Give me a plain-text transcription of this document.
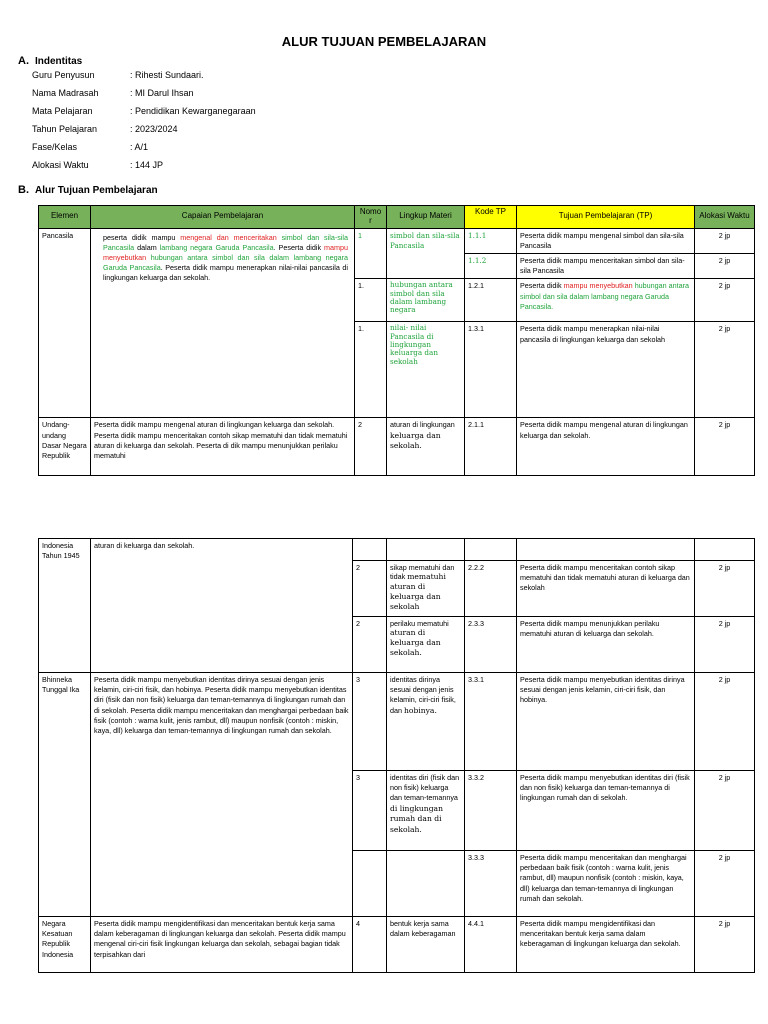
ALUR TUJUAN PEMBELAJARAN
A. Indentitas
Guru Penyusun	: Rihesti Sundaari.
Nama Madrasah	: MI Darul Ihsan
Mata Pelajaran	: Pendidikan Kewarganegaraan
Tahun Pelajaran	: 2023/2024
Fase/Kelas	: A/1
Alokasi Waktu	: 144 JP
B. Alur Tujuan Pembelajaran
Elemen	Capaian Pembelajaran	Nomo r	Lingkup Materi	Kode TP	Tujuan Pembelajaran (TP)	Alokasi Waktu
Pancasila	peserta didik mampu mengenal dan menceritakan simbol dan sila-sila Pancasila dalam lambang negara Garuda Pancasila. Peserta didik mampu menyebutkan hubungan antara simbol dan sila dalam lambang negara Garuda Pancasila. Peserta didik mampu menerapkan nilai-nilai pancasila di lingkungan keluarga dan sekolah.	1	simbol dan sila-sila Pancasila	1.1.1	Peserta didik mampu mengenal simbol dan sila-sila Pancasila	2 jp
				1.1.2	Peserta didik mampu menceritakan simbol dan sila-sila Pancasila	2 jp
		1.	hubungan antara simbol dan sila dalam lambang negara	1.2.1	Peserta didik mampu menyebutkan hubungan antara simbol dan sila dalam lambang negara Garuda Pancasila.	2 jp
		1.	nilai- nilai Pancasila di lingkungan keluarga dan sekolah	1.3.1	Peserta didik mampu menerapkan nilai-nilai pancasila di lingkungan keluarga dan sekolah	2 jp
Undang-undang Dasar Negara Republik	Peserta didik mampu mengenal aturan di lingkungan keluarga dan sekolah. Peserta didik mampu menceritakan contoh sikap mematuhi dan tidak mematuhi aturan di keluarga dan sekolah. Peserta di dik mampu menunjukkan perilaku mematuhi	2	aturan di lingkungan keluarga dan sekolah.	2.1.1	Peserta didik mampu mengenal aturan di lingkungan keluarga dan sekolah.	2 jp
Indonesia Tahun 1945	aturan di keluarga dan sekolah.					
		2	sikap mematuhi dan tidak mematuhi aturan di keluarga dan sekolah	2.2.2	Peserta didik mampu menceritakan contoh sikap mematuhi dan tidak mematuhi aturan di keluarga dan sekolah	2 jp
		2	perilaku mematuhi aturan di keluarga dan sekolah.	2.3.3	Peserta didik mampu menunjukkan perilaku mematuhi aturan di keluarga dan sekolah.	2 jp
Bhinneka Tunggal Ika	Peserta didik mampu menyebutkan identitas dirinya sesuai dengan jenis kelamin, ciri-ciri fisik, dan hobinya. Peserta didik mampu menyebutkan identitas diri (fisik dan non fisik) keluarga dan teman-temannya di lingkungan rumah dan di sekolah. Peserta didik mampu menceritakan dan menghargai perbedaan baik fisik (contoh : warna kulit, jenis rambut, dll) maupun nonfisik (contoh : miskin, kaya, dll) keluarga dan teman-temannya di lingkungan rumah dan sekolah.	3	identitas dirinya sesuai dengan jenis kelamin, ciri-ciri fisik, dan hobinya.	3.3.1	Peserta didik mampu menyebutkan identitas dirinya sesuai dengan jenis kelamin, ciri-ciri fisik, dan hobinya.	2 jp
		3	identitas diri (fisik dan non fisik) keluarga dan teman-temannya di lingkungan rumah dan di sekolah.	3.3.2	Peserta didik mampu menyebutkan identitas diri (fisik dan non fisik) keluarga dan teman-temannya di lingkungan rumah dan di sekolah.	2 jp
				3.3.3	Peserta didik mampu menceritakan dan menghargai perbedaan baik fisik (contoh : warna kulit, jenis rambut, dll) maupun nonfisik (contoh : miskin, kaya, dll) keluarga dan teman-temannya di lingkungan rumah dan sekolah.	2 jp
Negara Kesatuan Republik Indonesia	Peserta didik mampu mengidentifikasi dan menceritakan bentuk kerja sama dalam keberagaman di lingkungan keluarga dan sekolah. Peserta didik mampu mengenal ciri-ciri fisik lingkungan keluarga dan sekolah, sebagai bagian tidak terpisahkan dari	4	bentuk kerja sama dalam keberagaman	4.4.1	Peserta didik mampu mengidentifikasi dan menceritakan bentuk kerja sama dalam keberagaman di lingkungan keluarga dan sekolah.	2 jp
